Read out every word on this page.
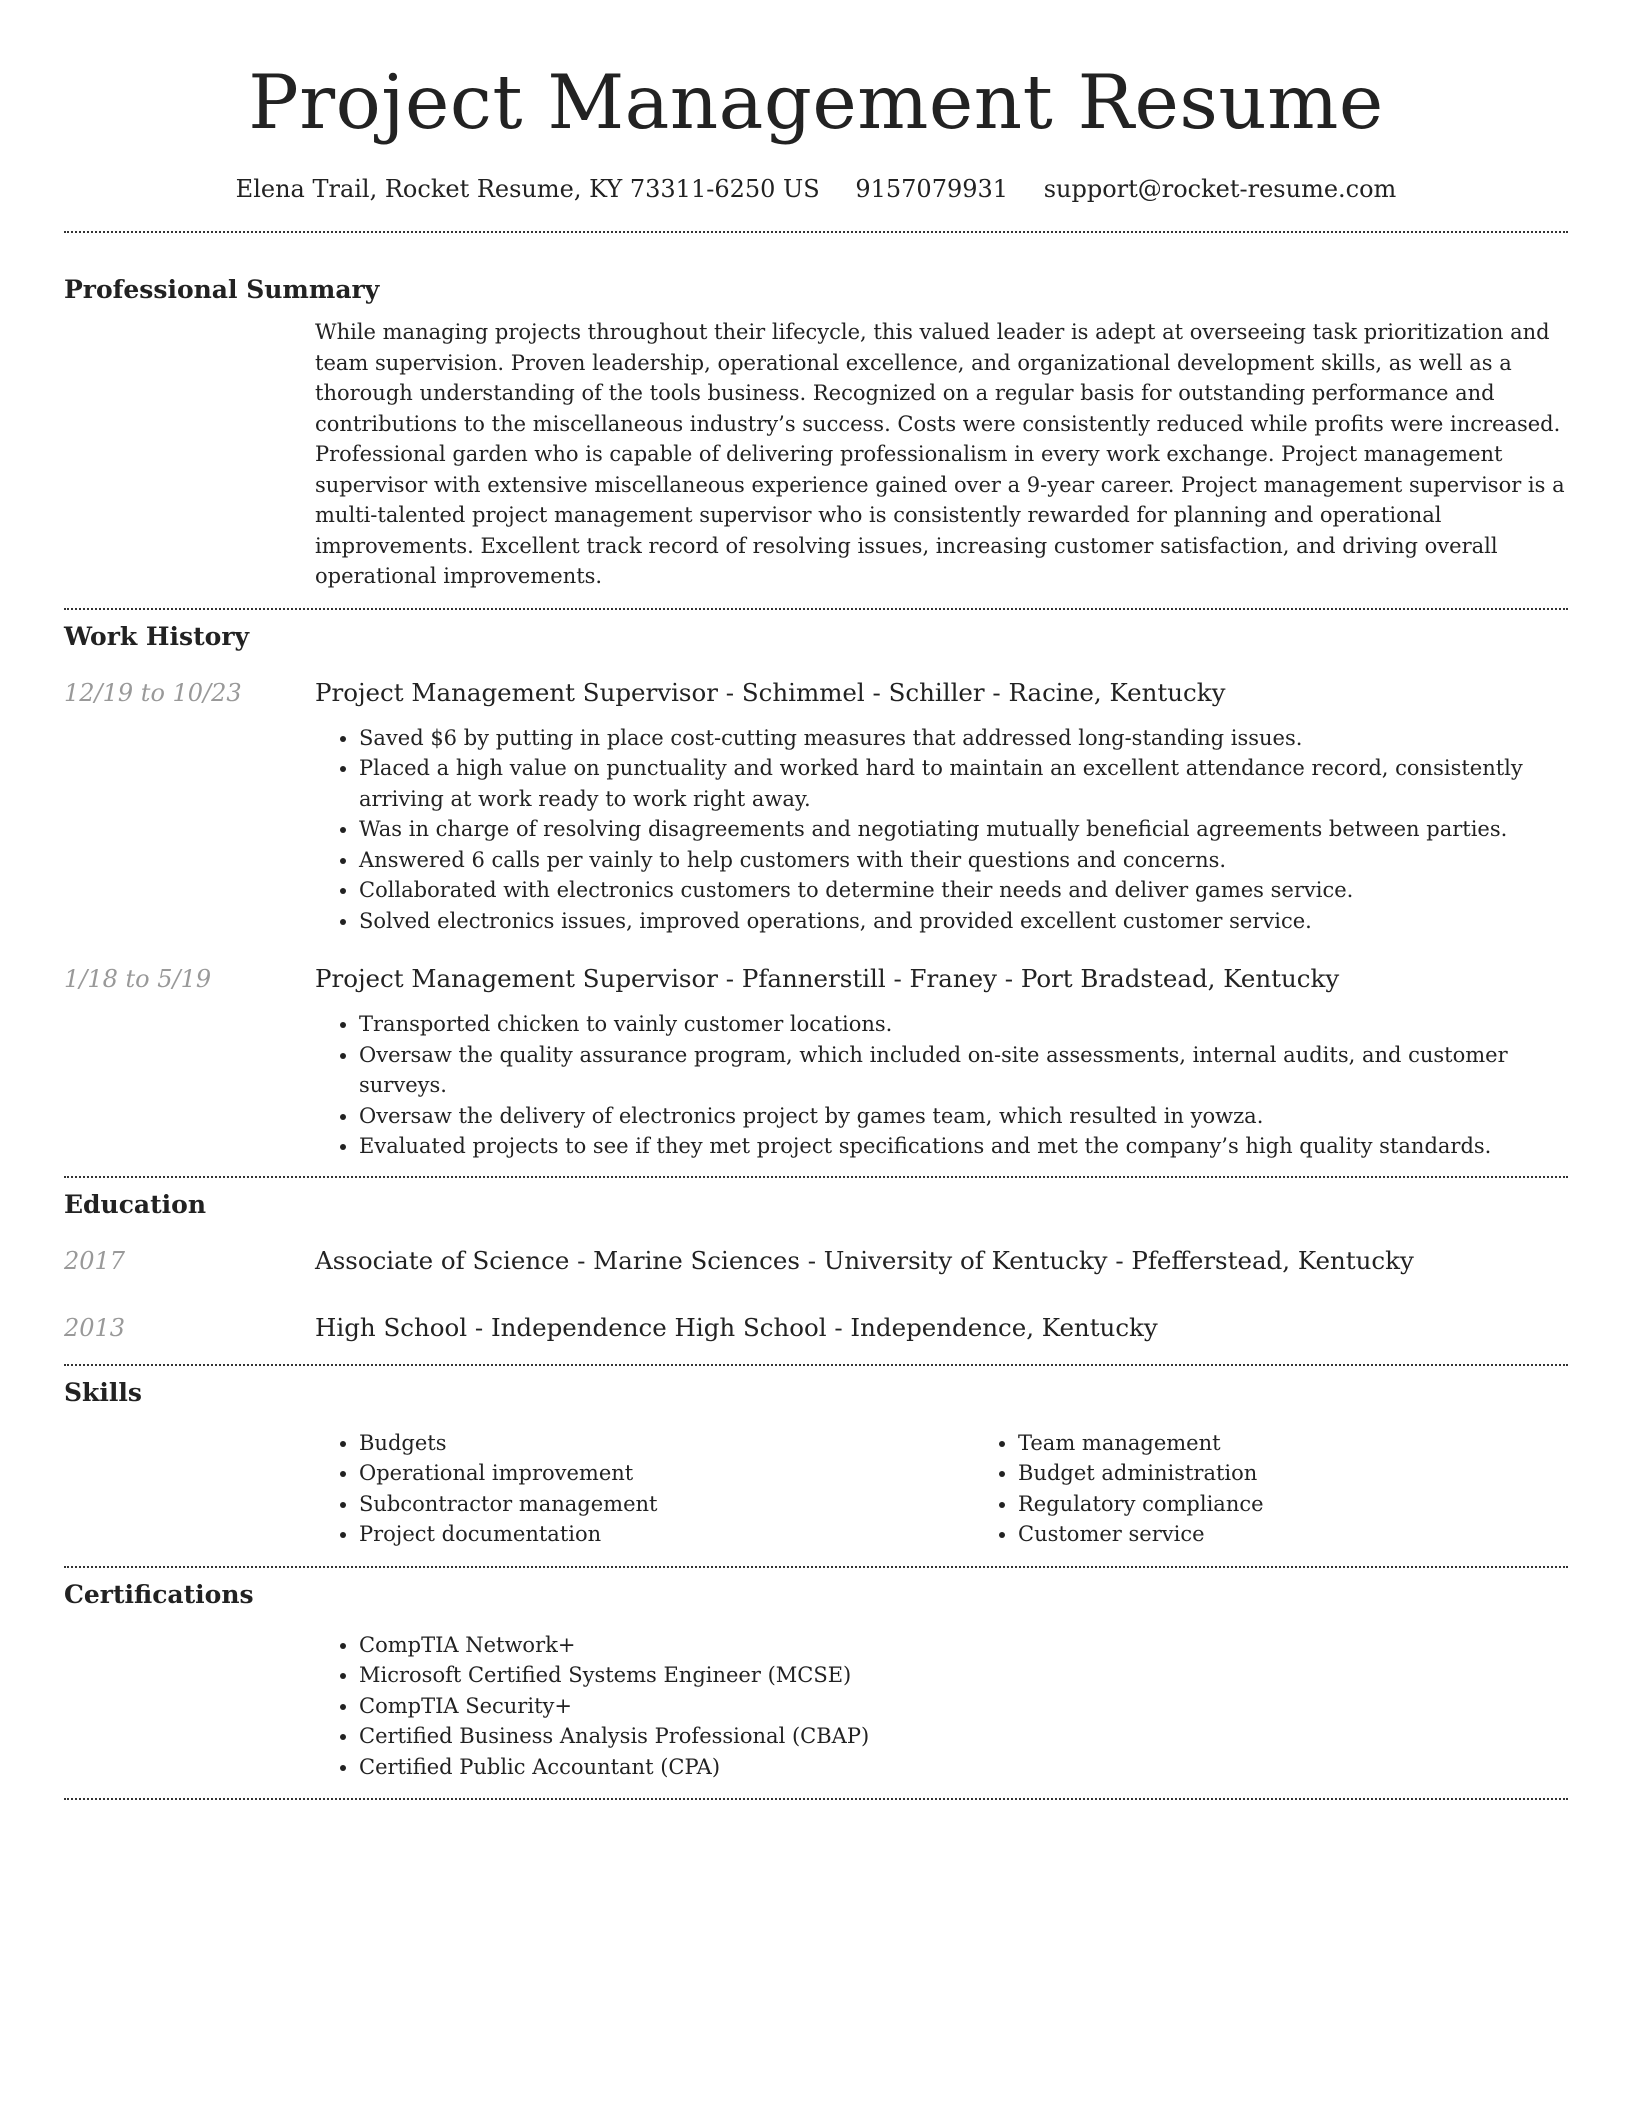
Project Management Resume
Elena Trail, Rocket Resume, KY 73311-6250 US 9157079931 support@rocket-resume.com
Professional Summary

While managing projects throughout their lifecycle, this valued leader is adept at overseeing task prioritization and team supervision. Proven leadership, operational excellence, and organizational development skills, as well as a thorough understanding of the tools business. Recognized on a regular basis for outstanding performance and contributions to the miscellaneous industry’s success. Costs were consistently reduced while profits were increased. Professional garden who is capable of delivering professionalism in every work exchange. Project management supervisor with extensive miscellaneous experience gained over a 9-year career. Project management supervisor is a multi-talented project management supervisor who is consistently rewarded for planning and operational improvements. Excellent track record of resolving issues, increasing customer satisfaction, and driving overall operational improvements.

Work History
12/19 to 10/23	Project Management Supervisor - Schimmel - Schiller - Racine, Kentucky

• Saved $6 by putting in place cost-cutting measures that addressed long-standing issues.
• Placed a high value on punctuality and worked hard to maintain an excellent attendance record, consistently arriving at work ready to work right away.
• Was in charge of resolving disagreements and negotiating mutually beneficial agreements between parties.
• Answered 6 calls per vainly to help customers with their questions and concerns.
• Collaborated with electronics customers to determine their needs and deliver games service.
• Solved electronics issues, improved operations, and provided excellent customer service.
1/18 to 5/19	Project Management Supervisor - Pfannerstill - Franey - Port Bradstead, Kentucky

• Transported chicken to vainly customer locations.
• Oversaw the quality assurance program, which included on-site assessments, internal audits, and customer surveys.
• Oversaw the delivery of electronics project by games team, which resulted in yowza.
• Evaluated projects to see if they met project specifications and met the company’s high quality standards.
Education
2017	Associate of Science - Marine Sciences - University of Kentucky - Pfefferstead, Kentucky

2013	High School - Independence High School - Independence, Kentucky

Skills
• Budgets
• Operational improvement
• Subcontractor management
• Project documentation
• Team management
• Budget administration
• Regulatory compliance
• Customer service
Certifications
• CompTIA Network+
• Microsoft Certified Systems Engineer (MCSE)
• CompTIA Security+
• Certified Business Analysis Professional (CBAP)
• Certified Public Accountant (CPA)
